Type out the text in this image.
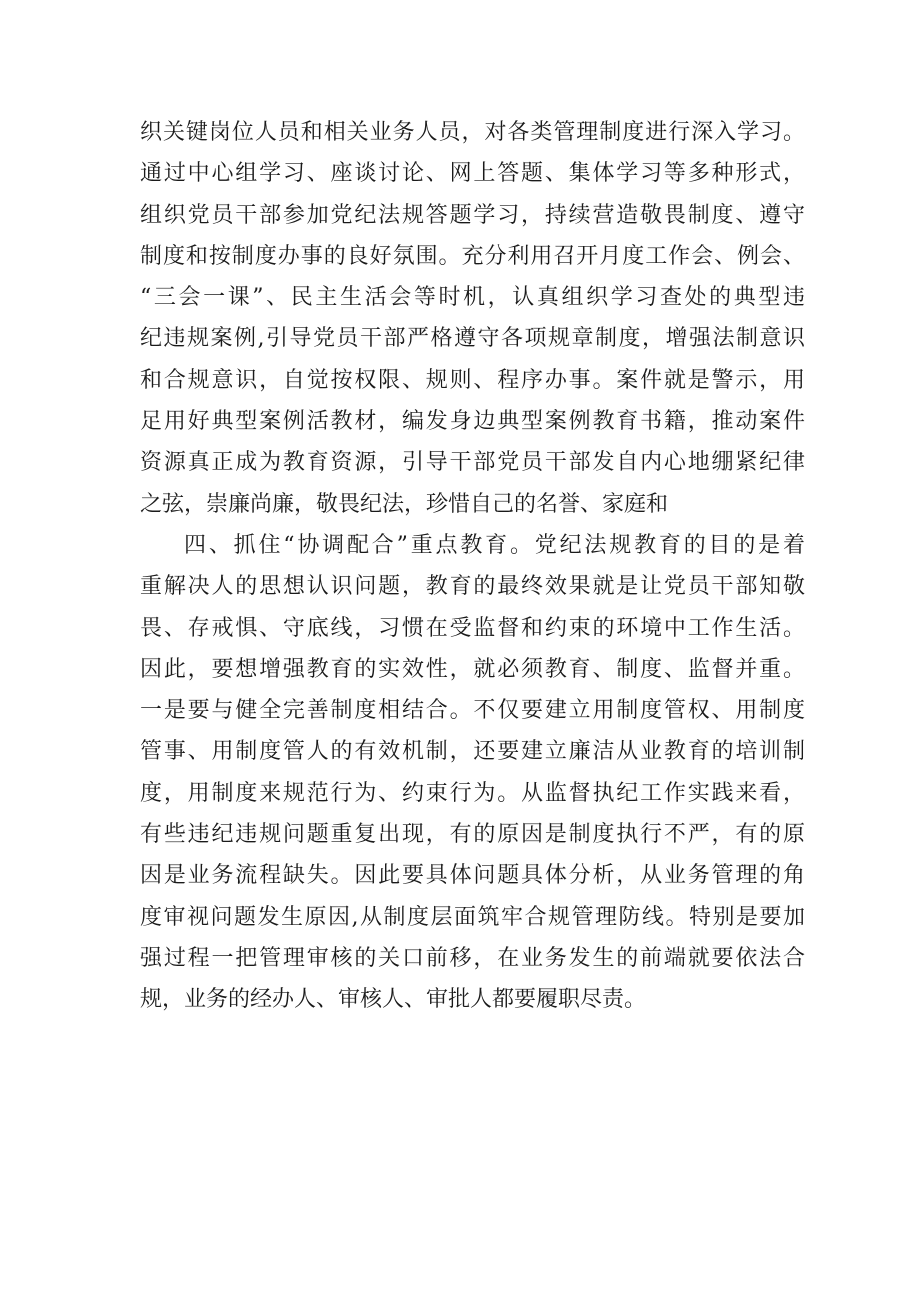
织关键岗位人员和相关业务人员，对各类管理制度进行深入学习。
通过中心组学习、座谈讨论、网上答题、集体学习等多种形式，
组织党员干部参加党纪法规答题学习，持续营造敬畏制度、遵守
制度和按制度办事的良好氛围。充分利用召开月度工作会、例会、
“三会一课”、民主生活会等时机，认真组织学习查处的典型违
纪违规案例,引导党员干部严格遵守各项规章制度，增强法制意识
和合规意识，自觉按权限、规则、程序办事。案件就是警示，用
足用好典型案例活教材，编发身边典型案例教育书籍，推动案件
资源真正成为教育资源，引导干部党员干部发自内心地绷紧纪律
之弦，崇廉尚廉，敬畏纪法，珍惜自己的名誉、家庭和
四、抓住“协调配合”重点教育。党纪法规教育的目的是着
重解决人的思想认识问题，教育的最终效果就是让党员干部知敬
畏、存戒惧、守底线，习惯在受监督和约束的环境中工作生活。
因此，要想增强教育的实效性，就必须教育、制度、监督并重。
一是要与健全完善制度相结合。不仅要建立用制度管权、用制度
管事、用制度管人的有效机制，还要建立廉洁从业教育的培训制
度，用制度来规范行为、约束行为。从监督执纪工作实践来看，
有些违纪违规问题重复出现，有的原因是制度执行不严，有的原
因是业务流程缺失。因此要具体问题具体分析，从业务管理的角
度审视问题发生原因,从制度层面筑牢合规管理防线。特别是要加
强过程一把管理审核的关口前移，在业务发生的前端就要依法合
规，业务的经办人、审核人、审批人都要履职尽责。
